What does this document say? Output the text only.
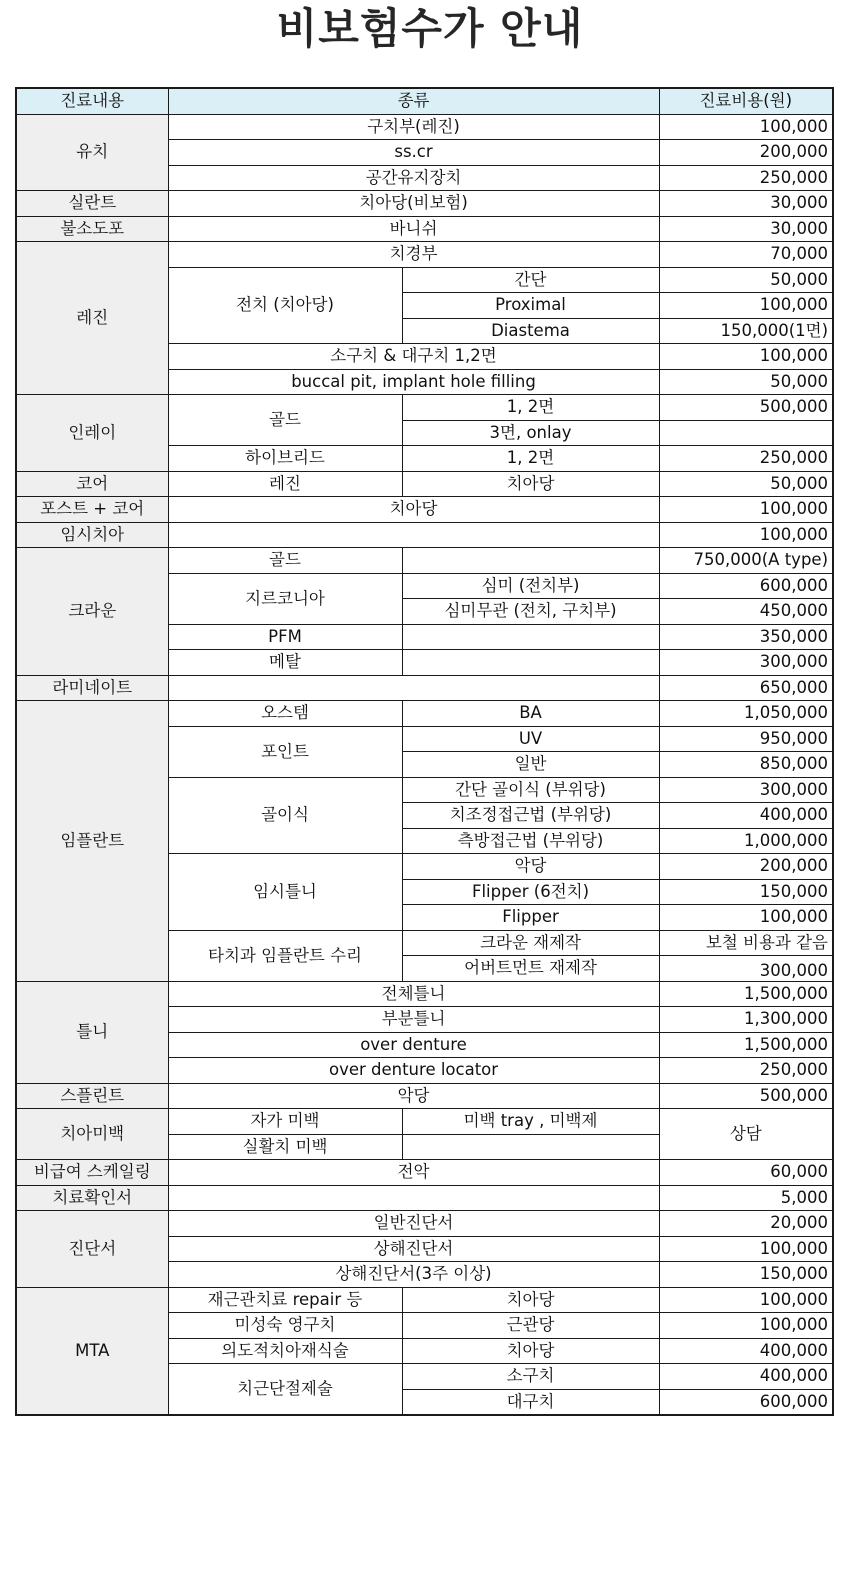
비보험수가 안내
진료내용	종류		진료비용(원)
유치	구치부(레진)		100,000
	ss.cr		200,000
	공간유지장치		250,000
실란트	치아당(비보험)		30,000
불소도포	바니쉬		30,000
레진	치경부		70,000
	전치 (치아당)	간단	50,000
		Proximal	100,000
		Diastema	150,000(1면)
	소구치 & 대구치 1,2면		100,000
	buccal pit, implant hole filling		50,000
인레이	골드	1, 2면	500,000
		3면, onlay	
	하이브리드	1, 2면	250,000

코어	레진	치아당	50,000
포스트 + 코어	치아당		100,000
임시치아			100,000
크라운	골드		750,000(A type)
	지르코니아	심미 (전치부)	600,000
		심미무관 (전치, 구치부)	450,000
	PFM		350,000
	메탈		300,000
라미네이트			650,000
임플란트	오스템	BA	1,050,000
	포인트	UV	950,000
		일반	850,000
	골이식	간단 골이식 (부위당)	300,000
		치조정접근법 (부위당)	400,000
		측방접근법 (부위당)	1,000,000
	임시틀니	악당	200,000
		Flipper (6전치)	150,000
		Flipper	100,000
	타치과 임플란트 수리	크라운 재제작	보철 비용과 같음
		어버트먼트 재제작	300,000

틀니	전체틀니		1,500,000
	부분틀니		1,300,000
	over denture		1,500,000
	over denture locator		250,000
스플린트	악당		500,000
치아미백	자가 미백	미백 tray , 미백제	상담

	실활치 미백		
비급여 스케일링	전악		60,000
치료확인서			5,000

진단서	일반진단서		20,000
	상해진단서		100,000
	상해진단서(3주 이상)		150,000
MTA	재근관치료 repair 등	치아당	100,000
	미성숙 영구치	근관당	100,000
	의도적치아재식술	치아당	400,000
	치근단절제술	소구치	400,000
		대구치	600,000
